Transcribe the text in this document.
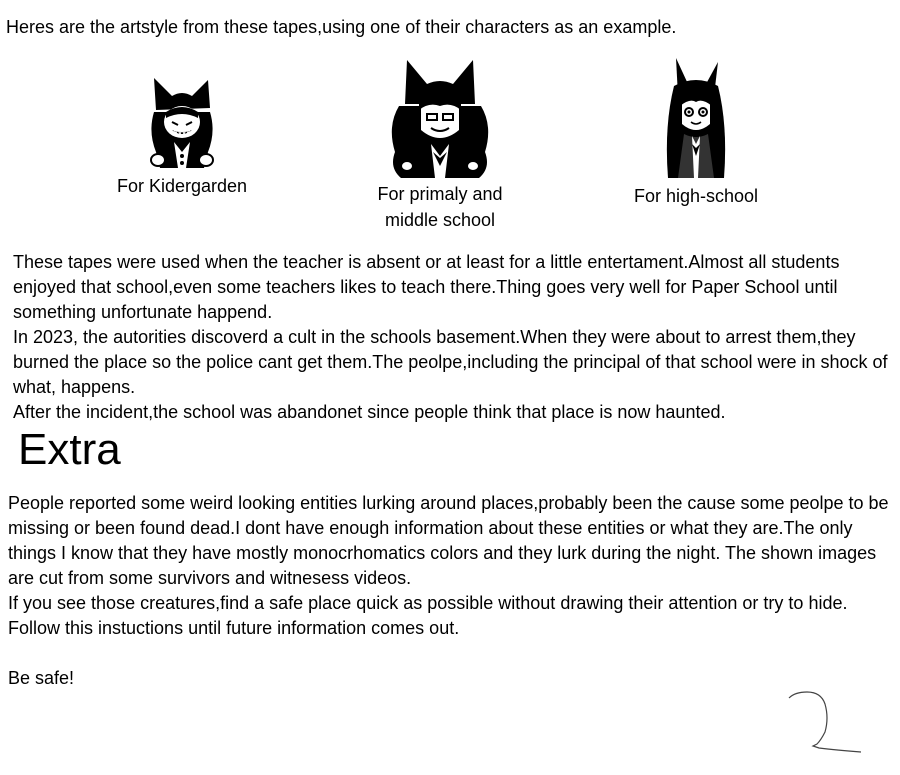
Heres are the artstyle from these tapes,using one of their characters as an example.
For Kidergarden	For primaly and
middle school
For high-school

These tapes were used when the teacher is absent or at least for a little entertament.Almost all students enjoyed that school,even some teachers likes to teach there.Thing goes very well for Paper School until something unfortunate happend.

In 2023, the autorities discoverd a cult in the schools basement.When they were about to arrest them,they burned the place so the police cant get them.The peolpe,including the principal of that school were in shock of what, happens.

After the incident,the school was abandonet since people think that place is now haunted.

Extra

People reported some weird looking entities lurking around places,probably been the cause some peolpe to be missing or been found dead.I dont have enough information about these entities or what they are.The only things I know that they have mostly monocrhomatics colors and they lurk during the night. The shown images are cut from some survivors and witnesess videos.

If you see those creatures,find a safe place quick as possible without drawing their attention or try to hide.

Follow this instuctions until future information comes out.

Be safe!
